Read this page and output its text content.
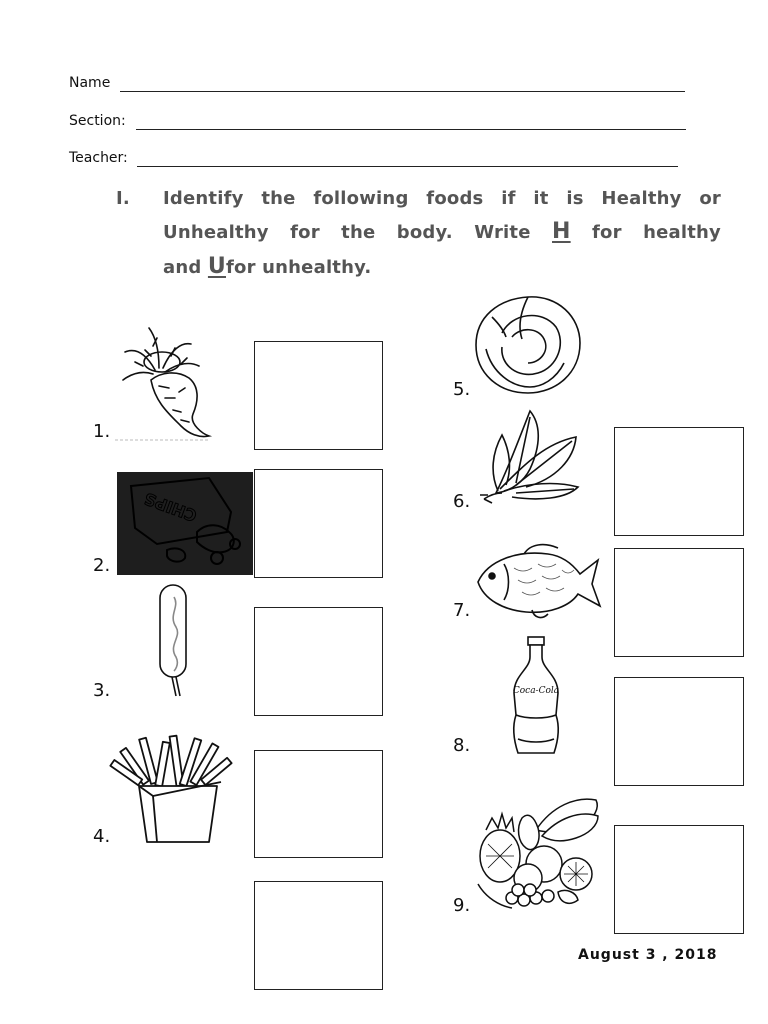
Name
Section:
Teacher:
I. Identify the following foods if it is Healthy or
Unhealthy for the body. Write H for healthy
and Ufor unhealthy.
1.
2.
3.
4.
5.
6.
7.
8.
9.
CHIPS
Coca-Cola
August 3 , 2018
